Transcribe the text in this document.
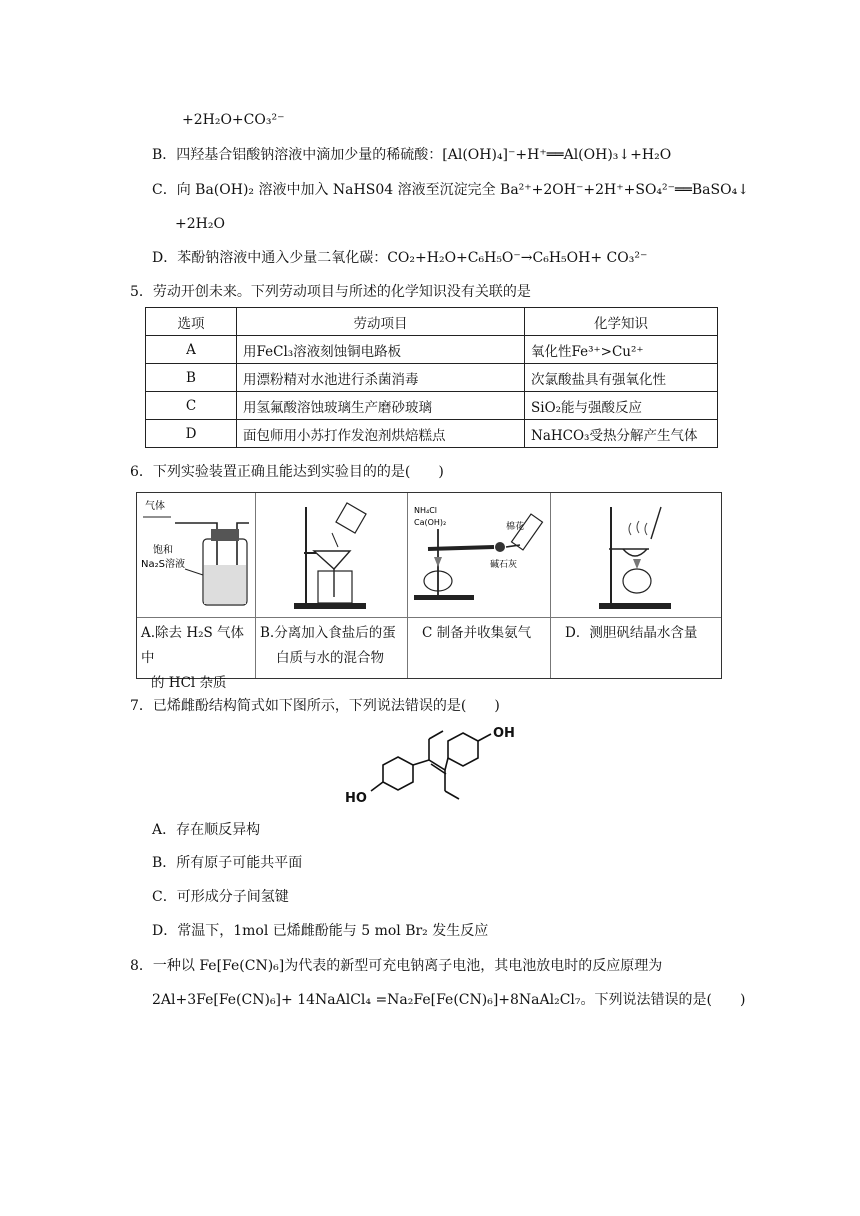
+2H₂O+CO₃²⁻
B．四羟基合铝酸钠溶液中滴加少量的稀硫酸：[Al(OH)₄]⁻+H⁺══Al(OH)₃↓+H₂O
C．向 Ba(OH)₂ 溶液中加入 NaHS04 溶液至沉淀完全 Ba²⁺+2OH⁻+2H⁺+SO₄²⁻══BaSO₄↓
+2H₂O
D．苯酚钠溶液中通入少量二氧化碳：CO₂+H₂O+C₆H₅O⁻→C₆H₅OH+ CO₃²⁻
5．劳动开创未来。下列劳动项目与所述的化学知识没有关联的是
选项	劳动项目	化学知识
A	用FeCl₃溶液刻蚀铜电路板	氧化性Fe³⁺>Cu²⁺
B	用漂粉精对水池进行杀菌消毒	次氯酸盐具有强氧化性
C	用氢氟酸溶蚀玻璃生产磨砂玻璃	SiO₂能与强酸反应
D	面包师用小苏打作发泡剂烘焙糕点	NaHCO₃受热分解产生气体
6．下列实验装置正确且能达到实验目的的是(　　)
气体
饱和
Na₂S溶液
A.除去 H₂S 气体中
的 HCl 杂质
B.分离加入食盐后的蛋
白质与水的混合物
NH₄Cl
Ca(OH)₂	棉花
碱石灰
C 制备并收集氨气	D．测胆矾结晶水含量
7．已烯雌酚结构简式如下图所示，下列说法错误的是(　　)
OH
HO
A．存在顺反异构
B．所有原子可能共平面
C．可形成分子间氢键
D．常温下，1mol 已烯雌酚能与 5 mol Br₂ 发生反应
8．一种以 Fe[Fe(CN)₆]为代表的新型可充电钠离子电池，其电池放电时的反应原理为
2Al+3Fe[Fe(CN)₆]+ 14NaAlCl₄ =Na₂Fe[Fe(CN)₆]+8NaAl₂Cl₇。下列说法错误的是(　　)
